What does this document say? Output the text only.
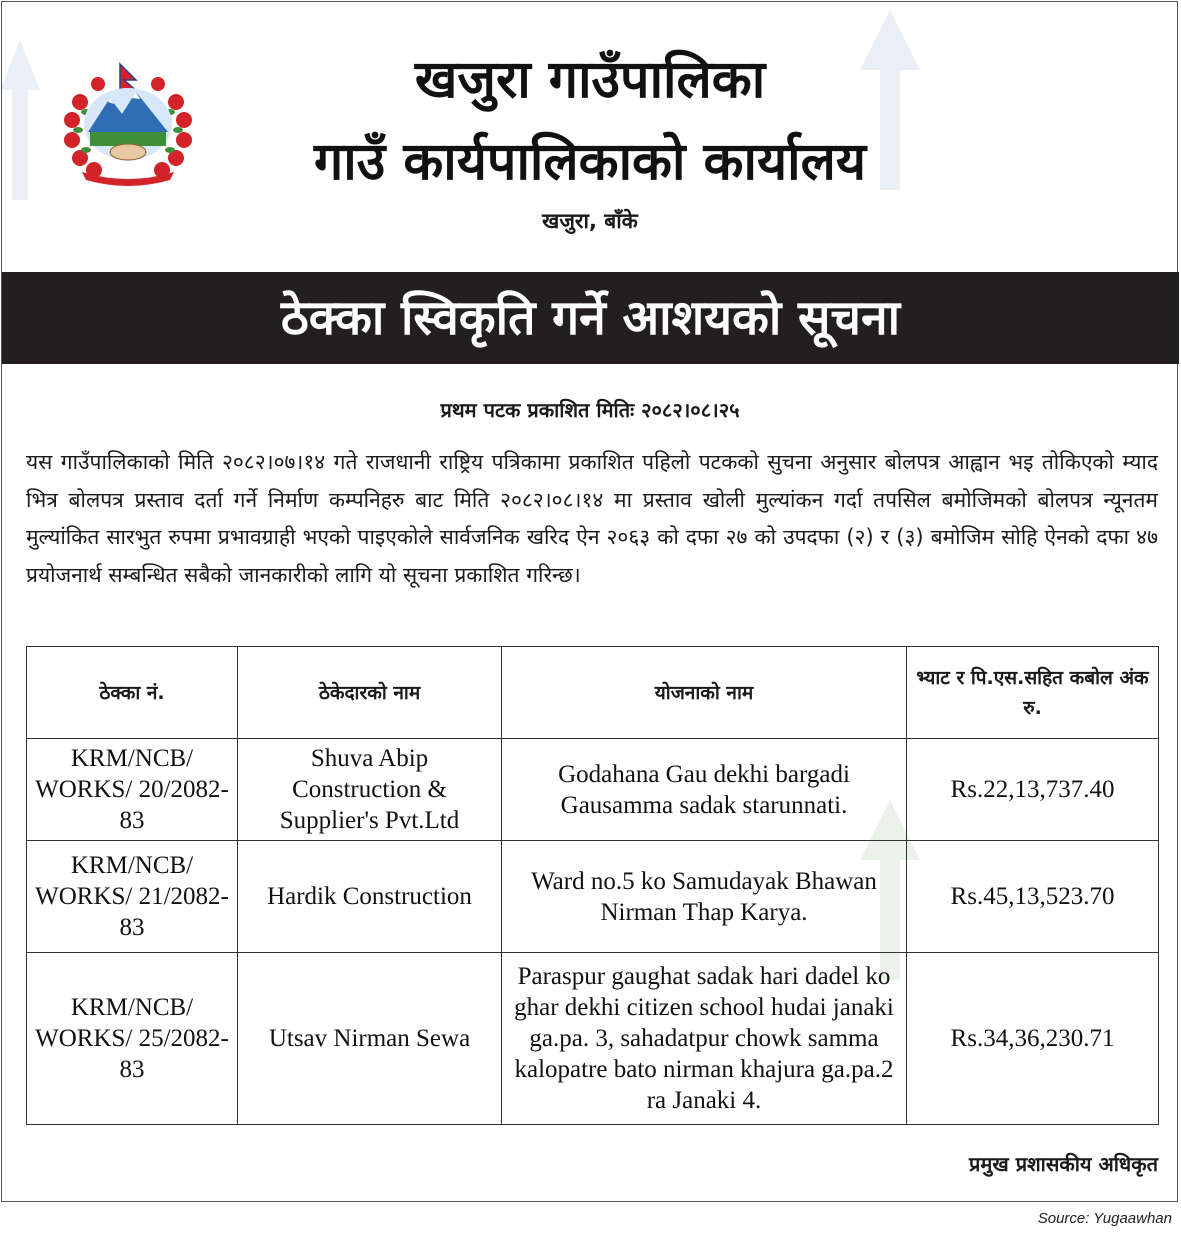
खजुरा गाउँपालिका
गाउँ कार्यपालिकाको कार्यालय
खजुरा, बाँके
ठेक्का स्विकृति गर्ने आशयको सूचना
प्रथम पटक प्रकाशित मितिः २०८२।०८।२५

यस गाउँपालिकाको मिति २०८२।०७।१४ गते राजधानी राष्ट्रिय पत्रिकामा प्रकाशित पहिलो पटकको सुचना अनुसार बोलपत्र आह्वान भइ तोकिएको म्याद भित्र बोलपत्र प्रस्ताव दर्ता गर्ने निर्माण कम्पनिहरु बाट मिति २०८२।०८।१४ मा प्रस्ताव खोली मुल्यांकन गर्दा तपसिल बमोजिमको बोलपत्र न्यूनतम मुल्यांकित सारभुत रुपमा प्रभावग्राही भएको पाइएकोले सार्वजनिक खरिद ऐन २०६३ को दफा २७ को उपदफा (२) र (३) बमोजिम सोहि ऐनको दफा ४७ प्रयोजनार्थ सम्बन्धित सबैको जानकारीको लागि यो सूचना प्रकाशित गरिन्छ।

ठेक्का नं.	ठेकेदारको नाम	योजनाको नाम	भ्याट र पि.एस.सहित कबोल अंक रु.
KRM/NCB/ WORKS/ 20/2082-83	Shuva Abip Construction & Supplier's Pvt.Ltd	Godahana Gau dekhi bargadi Gausamma sadak starunnati.	Rs.22,13,737.40
KRM/NCB/ WORKS/ 21/2082-83	Hardik Construction	Ward no.5 ko Samudayak Bhawan Nirman Thap Karya.	Rs.45,13,523.70
KRM/NCB/ WORKS/ 25/2082-83	Utsav Nirman Sewa	Paraspur gaughat sadak hari dadel ko ghar dekhi citizen school hudai janaki ga.pa. 3, sahadatpur chowk samma kalopatre bato nirman khajura ga.pa.2 ra Janaki 4.	Rs.34,36,230.71
प्रमुख प्रशासकीय अधिकृत
Source: Yugaawhan
